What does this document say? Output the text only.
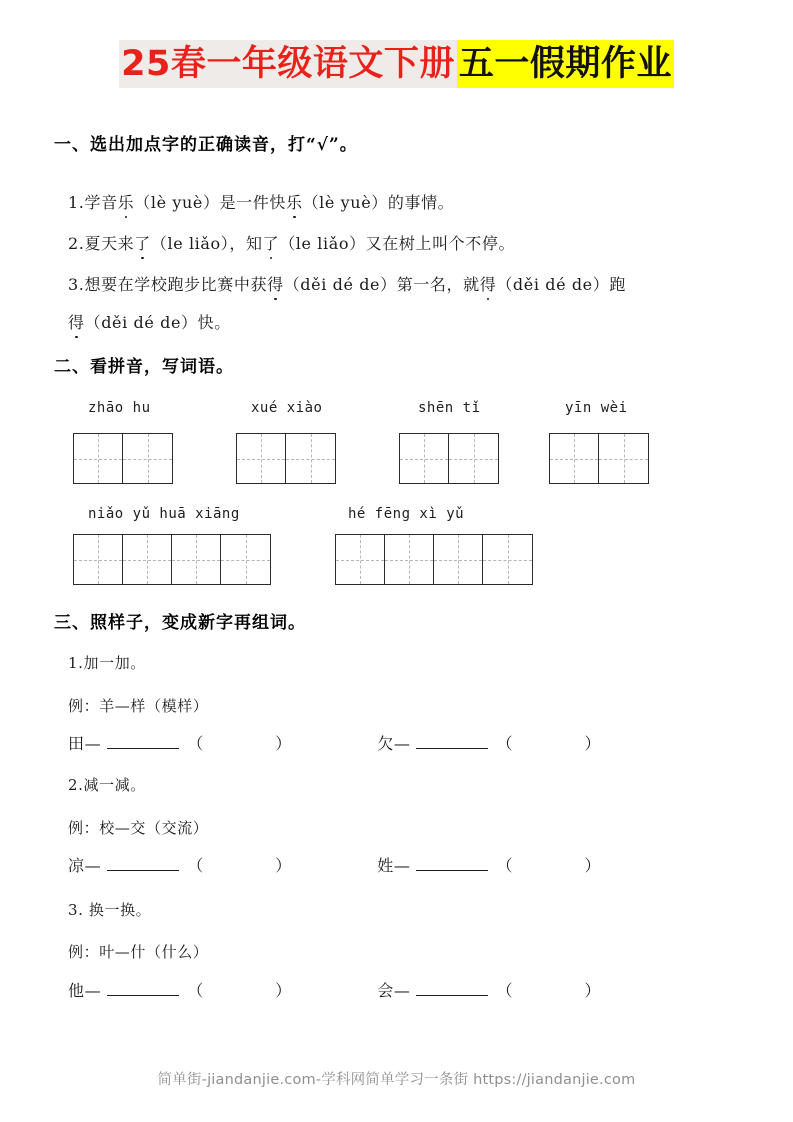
25春一年级语文下册 五一假期作业
一、选出加点字的正确读音，打“√”。
1.学音乐（lè yuè）是一件快乐（lè yuè）的事情。
2.夏天来了（le liǎo），知了（le liǎo）又在树上叫个不停。
3.想要在学校跑步比赛中获得（děi dé de）第一名，就得（děi dé de）跑
得（děi dé de）快。
二、看拼音，写词语。
zhāo hu	xué xiào	shēn tǐ	yīn wèi
niǎo yǔ huā xiāng	hé fēng xì yǔ
三、照样子，变成新字再组词。
1.加一加。
例：羊—样（模样）
田—	（	）	欠—	（	）
2.减一减。
例：校—交（交流）
凉—	（	）	姓—	（	）
3. 换一换。
例：叶—什（什么）
他—	（	）	会—	（	）
简单街-jiandanjie.com-学科网简单学习一条街 https://jiandanjie.com
